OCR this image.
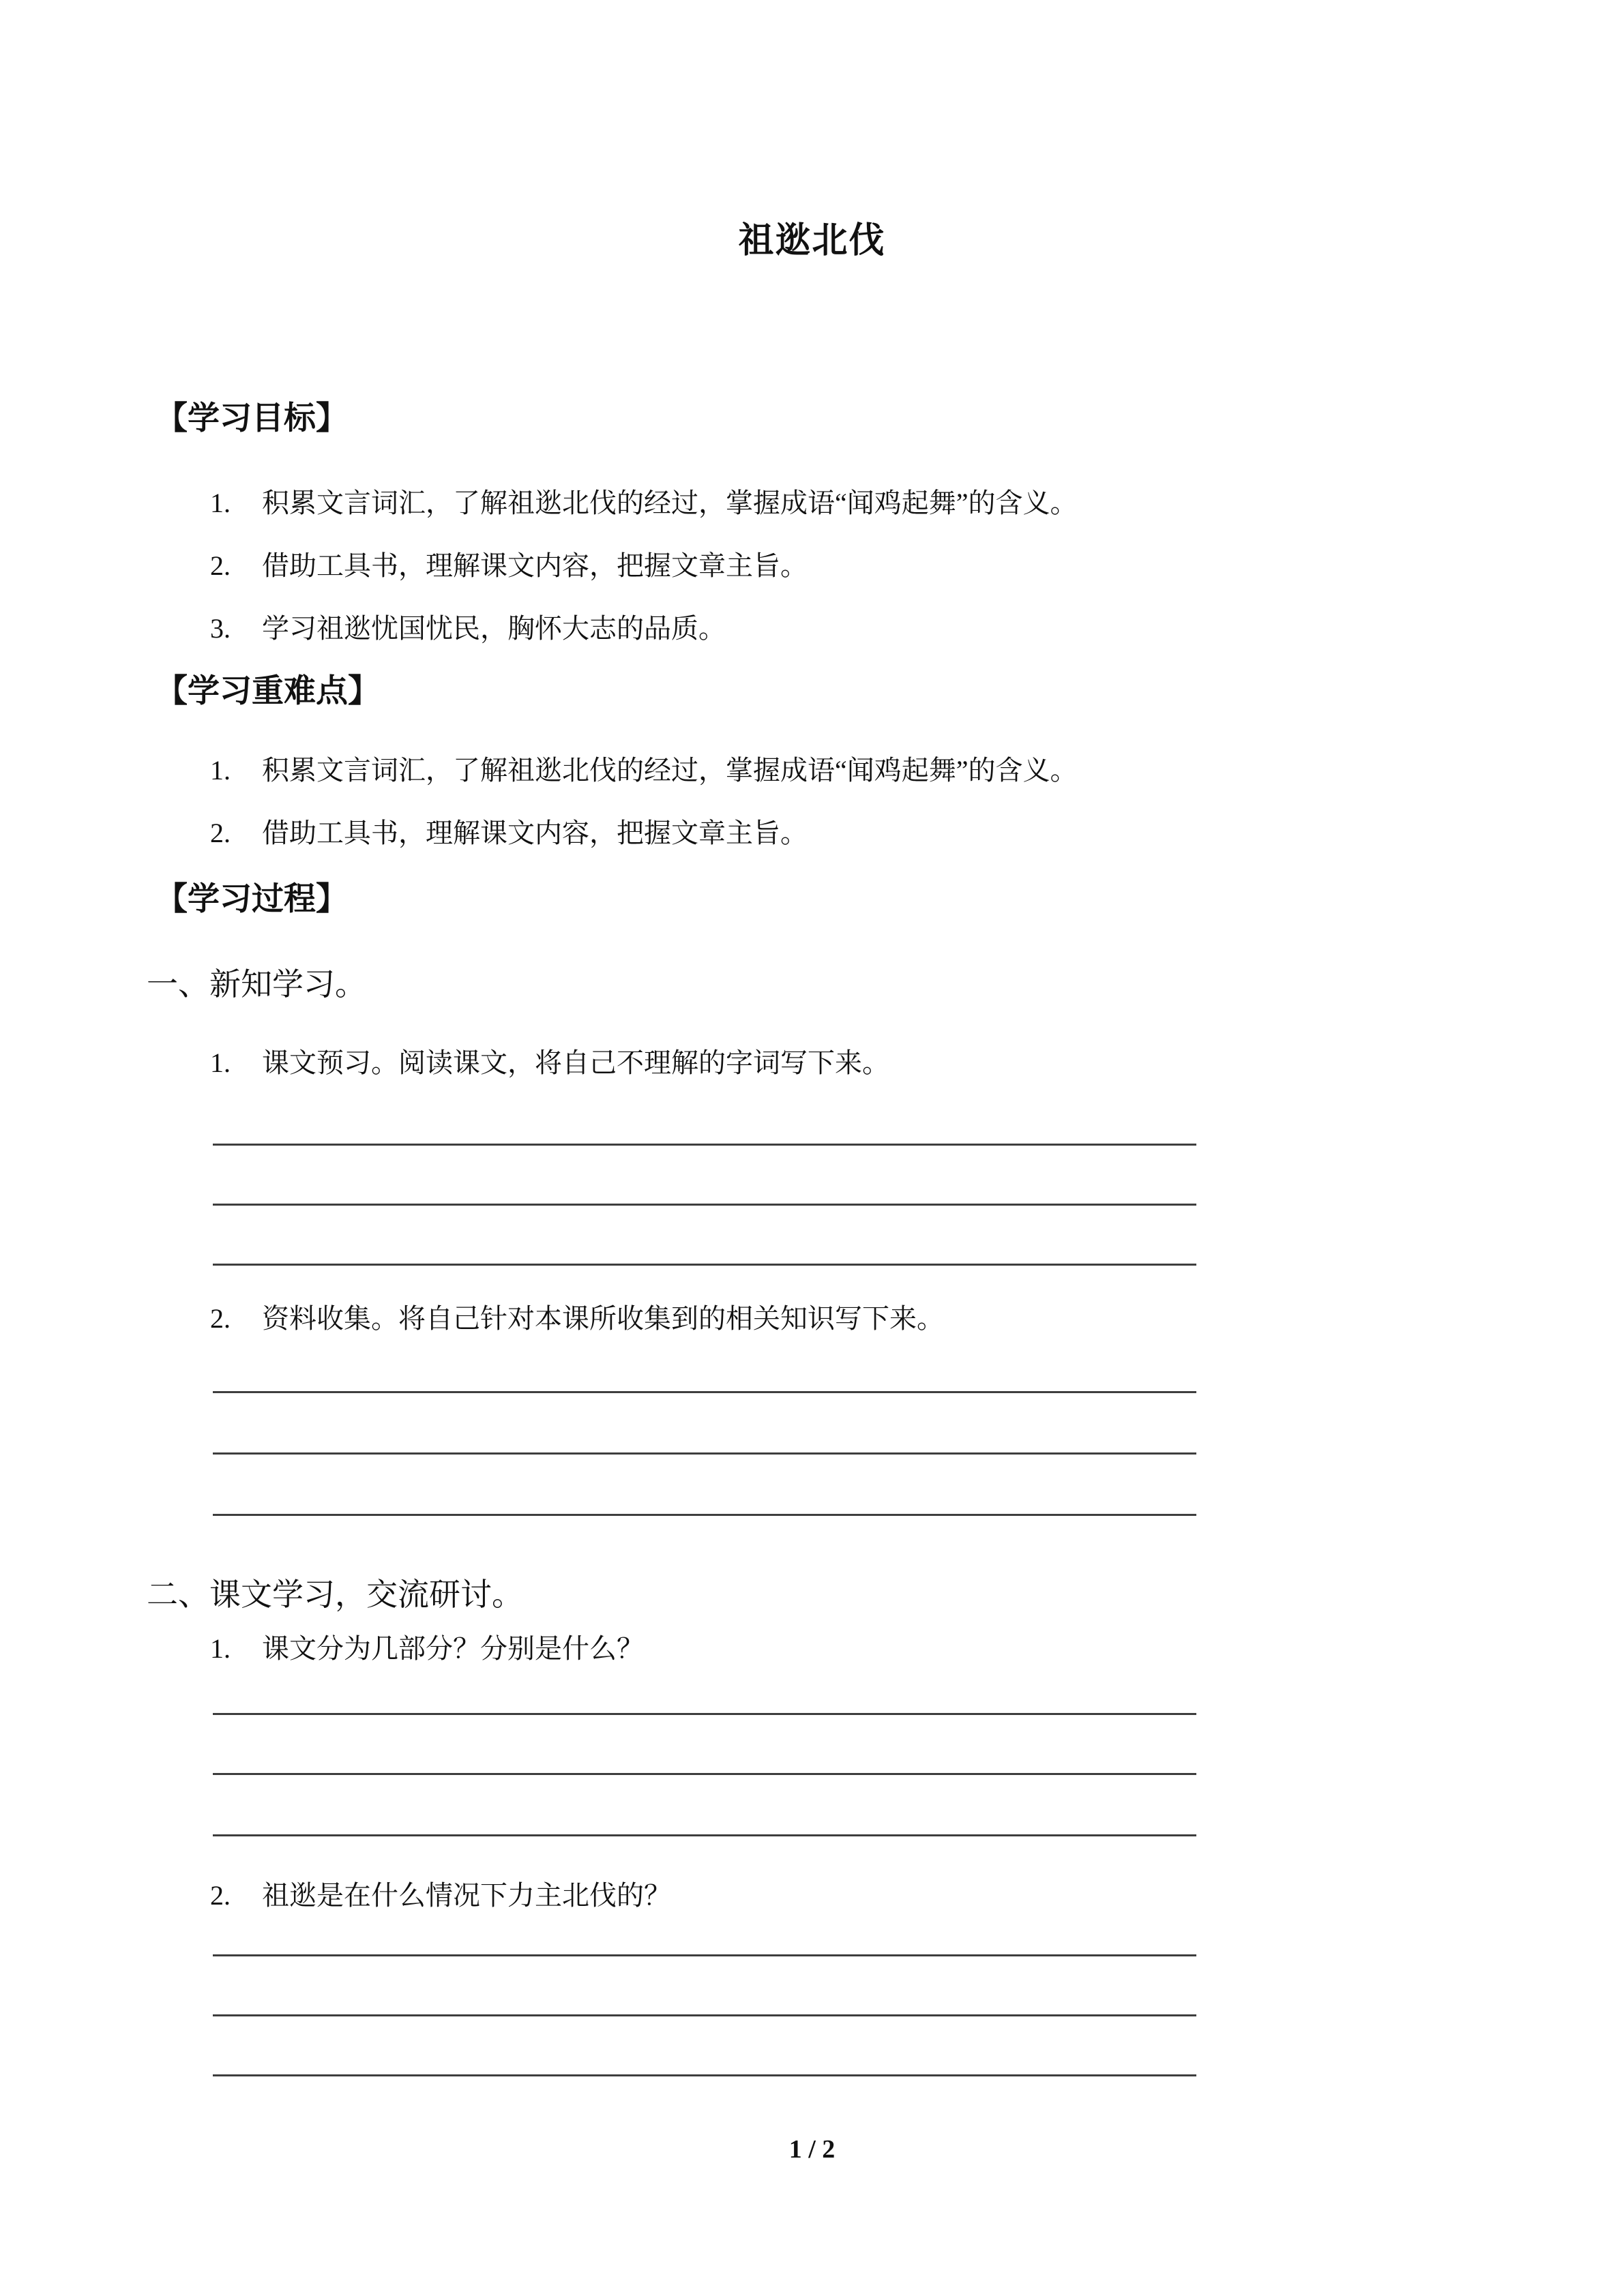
祖逖北伐
【学习目标】
1. 积累文言词汇，了解祖逖北伐的经过，掌握成语“闻鸡起舞”的含义。
2. 借助工具书，理解课文内容，把握文章主旨。
3. 学习祖逖忧国忧民，胸怀大志的品质。
【学习重难点】
1. 积累文言词汇，了解祖逖北伐的经过，掌握成语“闻鸡起舞”的含义。
2. 借助工具书，理解课文内容，把握文章主旨。
【学习过程】
一、新知学习。
1. 课文预习。阅读课文，将自己不理解的字词写下来。
2. 资料收集。将自己针对本课所收集到的相关知识写下来。
二、课文学习，交流研讨。
1. 课文分为几部分？分别是什么？
2. 祖逖是在什么情况下力主北伐的？
1 / 2
